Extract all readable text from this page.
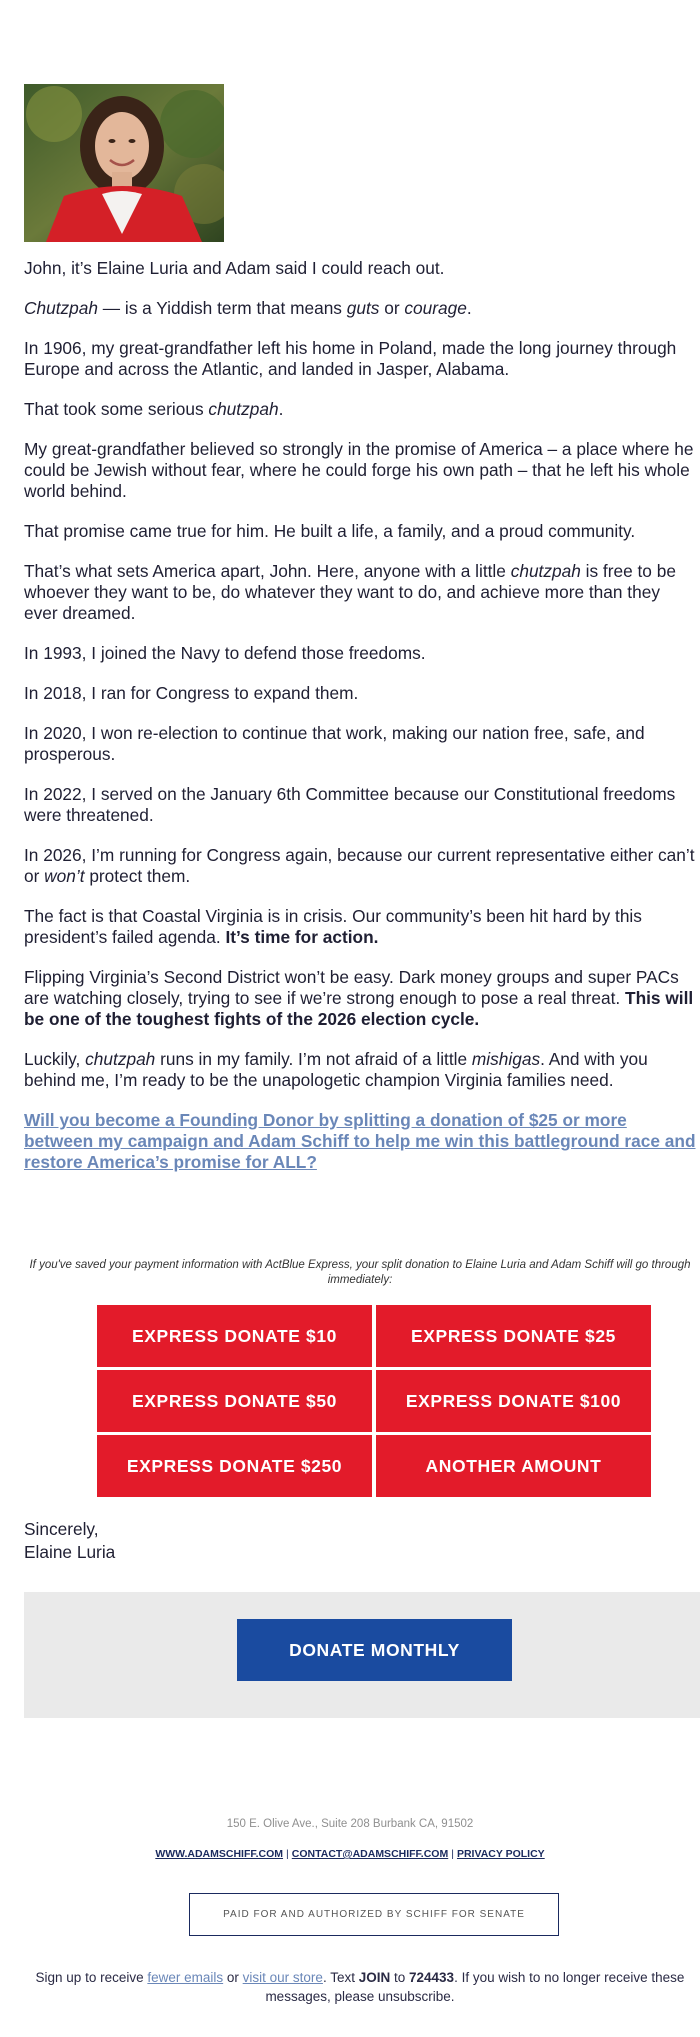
John, it’s Elaine Luria and Adam said I could reach out.

Chutzpah — is a Yiddish term that means guts or courage.

In 1906, my great-grandfather left his home in Poland, made the long journey through
Europe and across the Atlantic, and landed in Jasper, Alabama.

That took some serious chutzpah.

My great-grandfather believed so strongly in the promise of America – a place where he
could be Jewish without fear, where he could forge his own path – that he left his whole
world behind.

That promise came true for him. He built a life, a family, and a proud community.

That’s what sets America apart, John. Here, anyone with a little chutzpah is free to be
whoever they want to be, do whatever they want to do, and achieve more than they
ever dreamed.

In 1993, I joined the Navy to defend those freedoms.

In 2018, I ran for Congress to expand them.

In 2020, I won re-election to continue that work, making our nation free, safe, and
prosperous.

In 2022, I served on the January 6th Committee because our Constitutional freedoms
were threatened.

In 2026, I’m running for Congress again, because our current representative either can’t
or won’t protect them.

The fact is that Coastal Virginia is in crisis. Our community’s been hit hard by this
president’s failed agenda. It’s time for action.

Flipping Virginia’s Second District won’t be easy. Dark money groups and super PACs
are watching closely, trying to see if we’re strong enough to pose a real threat. This will
be one of the toughest fights of the 2026 election cycle.

Luckily, chutzpah runs in my family. I’m not afraid of a little mishigas. And with you
behind me, I’m ready to be the unapologetic champion Virginia families need.

Will you become a Founding Donor by splitting a donation of $25 or more
between my campaign and Adam Schiff to help me win this battleground race and
restore America’s promise for ALL?

If you've saved your payment information with ActBlue Express, your split donation to Elaine Luria and Adam Schiff will go through
immediately:
EXPRESS DONATE $10	EXPRESS DONATE $25
EXPRESS DONATE $50	EXPRESS DONATE $100
EXPRESS DONATE $250	ANOTHER AMOUNT
Sincerely,
Elaine Luria
DONATE MONTHLY
150 E. Olive Ave., Suite 208 Burbank CA, 91502
WWW.ADAMSCHIFF.COM | CONTACT@ADAMSCHIFF.COM | PRIVACY POLICY
PAID FOR AND AUTHORIZED BY SCHIFF FOR SENATE
Sign up to receive fewer emails or visit our store. Text JOIN to 724433. If you wish to no longer receive these
messages, please unsubscribe.
